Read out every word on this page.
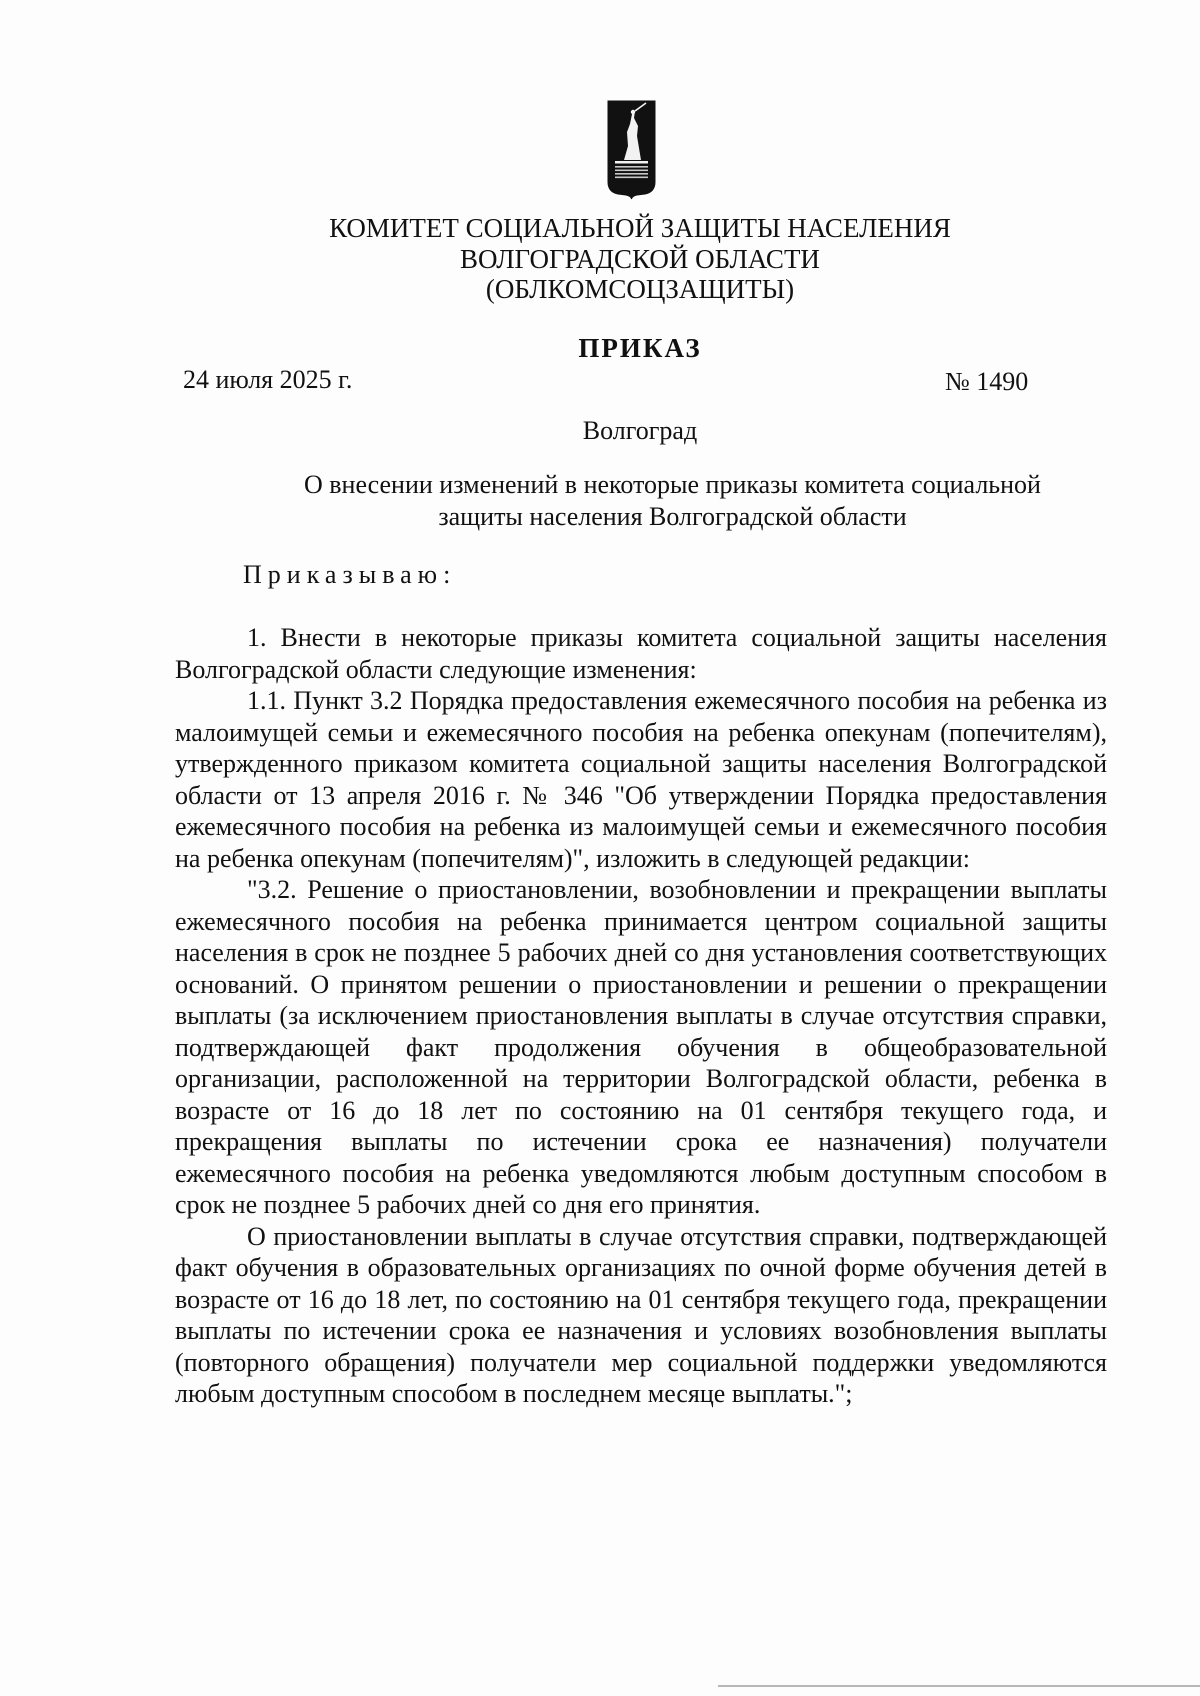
КОМИТЕТ СОЦИАЛЬНОЙ ЗАЩИТЫ НАСЕЛЕНИЯ
ВОЛГОГРАДСКОЙ ОБЛАСТИ
(ОБЛКОМСОЦЗАЩИТЫ)
ПРИКАЗ
24 июля 2025 г.	№ 1490
Волгоград
О внесении изменений в некоторые приказы комитета социальной
защиты населения Волгоградской области
Приказываю:

1. Внести в некоторые приказы комитета социальной защиты населения Волгоградской области следующие изменения:

1.1. Пункт 3.2 Порядка предоставления ежемесячного пособия на ребенка из малоимущей семьи и ежемесячного пособия на ребенка опекунам (попечителям), утвержденного приказом комитета социальной защиты населения Волгоградской области от 13 апреля 2016 г. № 346 "Об утверждении Порядка предоставления ежемесячного пособия на ребенка из малоимущей семьи и ежемесячного пособия на ребенка опекунам (попечителям)", изложить в следующей редакции:

"3.2. Решение о приостановлении, возобновлении и прекращении выплаты ежемесячного пособия на ребенка принимается центром социальной защиты населения в срок не позднее 5 рабочих дней со дня установления соответствующих оснований. О принятом решении о приостановлении и решении о прекращении выплаты (за исключением приостановления выплаты в случае отсутствия справки, подтверждающей факт продолжения обучения в общеобразовательной организации, расположенной на территории Волгоградской области, ребенка в возрасте от 16 до 18 лет по состоянию на 01 сентября текущего года, и прекращения выплаты по истечении срока ее назначения) получатели ежемесячного пособия на ребенка уведомляются любым доступным способом в срок не позднее 5 рабочих дней со дня его принятия.

О приостановлении выплаты в случае отсутствия справки, подтверждающей факт обучения в образовательных организациях по очной форме обучения детей в возрасте от 16 до 18 лет, по состоянию на 01 сентября текущего года, прекращении выплаты по истечении срока ее назначения и условиях возобновления выплаты (повторного обращения) получатели мер социальной поддержки уведомляются любым доступным способом в последнем месяце выплаты.";
